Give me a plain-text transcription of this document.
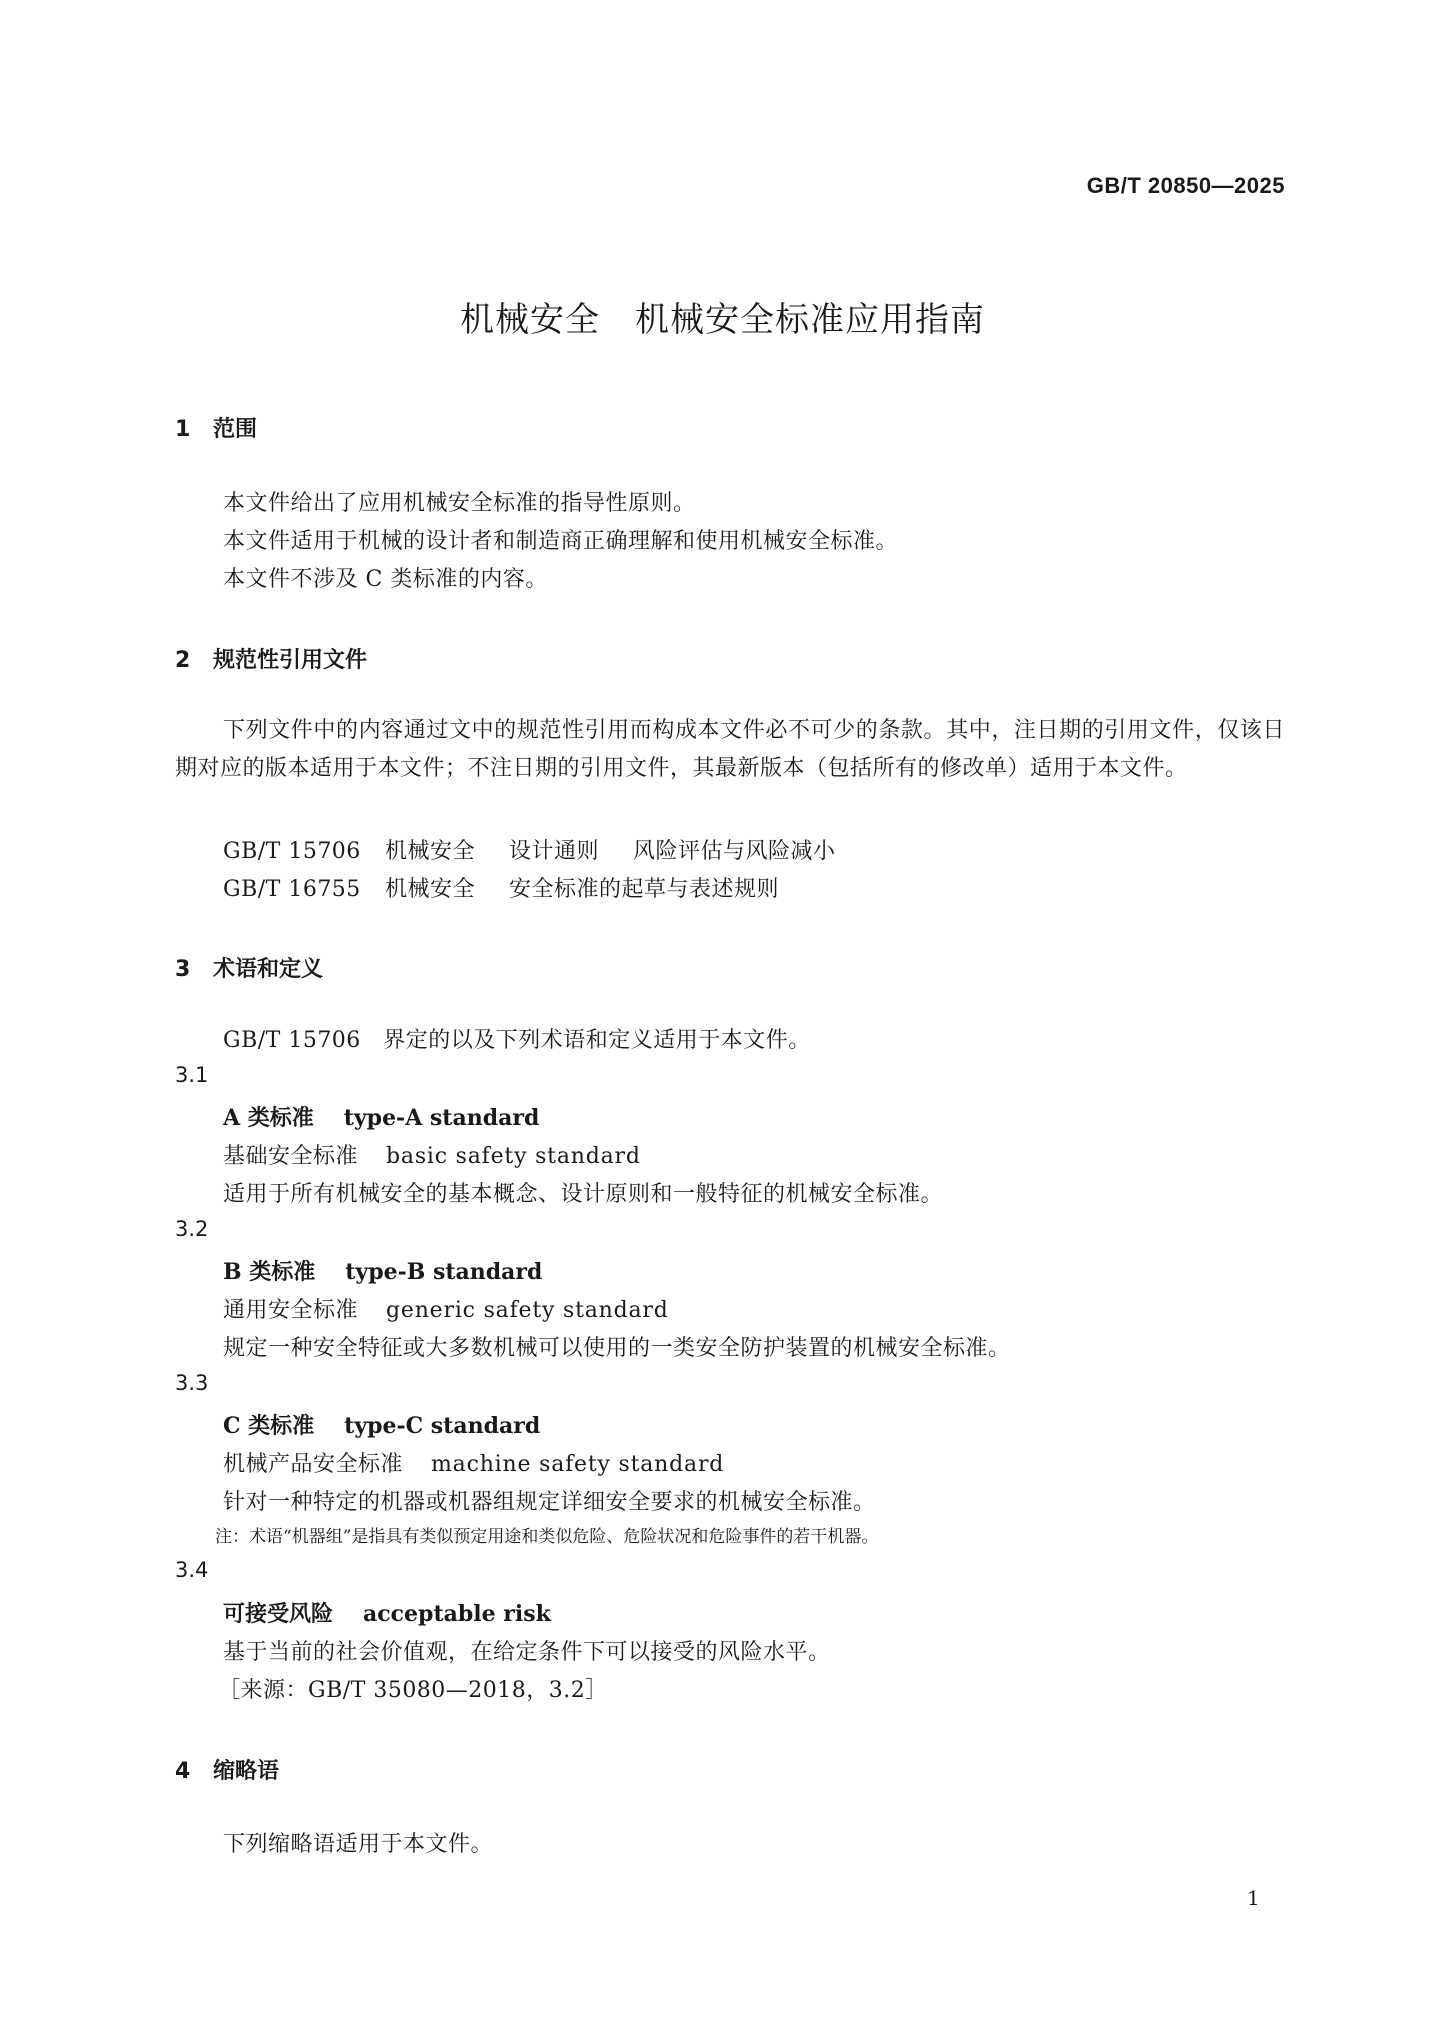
GB/T 20850—2025
机械安全　机械安全标准应用指南
1 范围
本文件给出了应用机械安全标准的指导性原则。
本文件适用于机械的设计者和制造商正确理解和使用机械安全标准。
本文件不涉及 C 类标准的内容。
2 规范性引用文件
下列文件中的内容通过文中的规范性引用而构成本文件必不可少的条款。其中，注日期的引用文件，仅该日期对应的版本适用于本文件；不注日期的引用文件，其最新版本（包括所有的修改单）适用于本文件。
GB/T 15706 机械安全 设计通则 风险评估与风险减小
GB/T 16755 机械安全 安全标准的起草与表述规则
3 术语和定义
GB/T 15706　界定的以及下列术语和定义适用于本文件。
3.1
A 类标准 type-A standard
基础安全标准 basic safety standard
适用于所有机械安全的基本概念、设计原则和一般特征的机械安全标准。
3.2
B 类标准 type-B standard
通用安全标准 generic safety standard
规定一种安全特征或大多数机械可以使用的一类安全防护装置的机械安全标准。
3.3
C 类标准 type-C standard
机械产品安全标准 machine safety standard
针对一种特定的机器或机器组规定详细安全要求的机械安全标准。
注：术语“机器组”是指具有类似预定用途和类似危险、危险状况和危险事件的若干机器。
3.4
可接受风险 acceptable risk
基于当前的社会价值观，在给定条件下可以接受的风险水平。
［来源：GB/T 35080—2018，3.2］
4 缩略语
下列缩略语适用于本文件。
1
